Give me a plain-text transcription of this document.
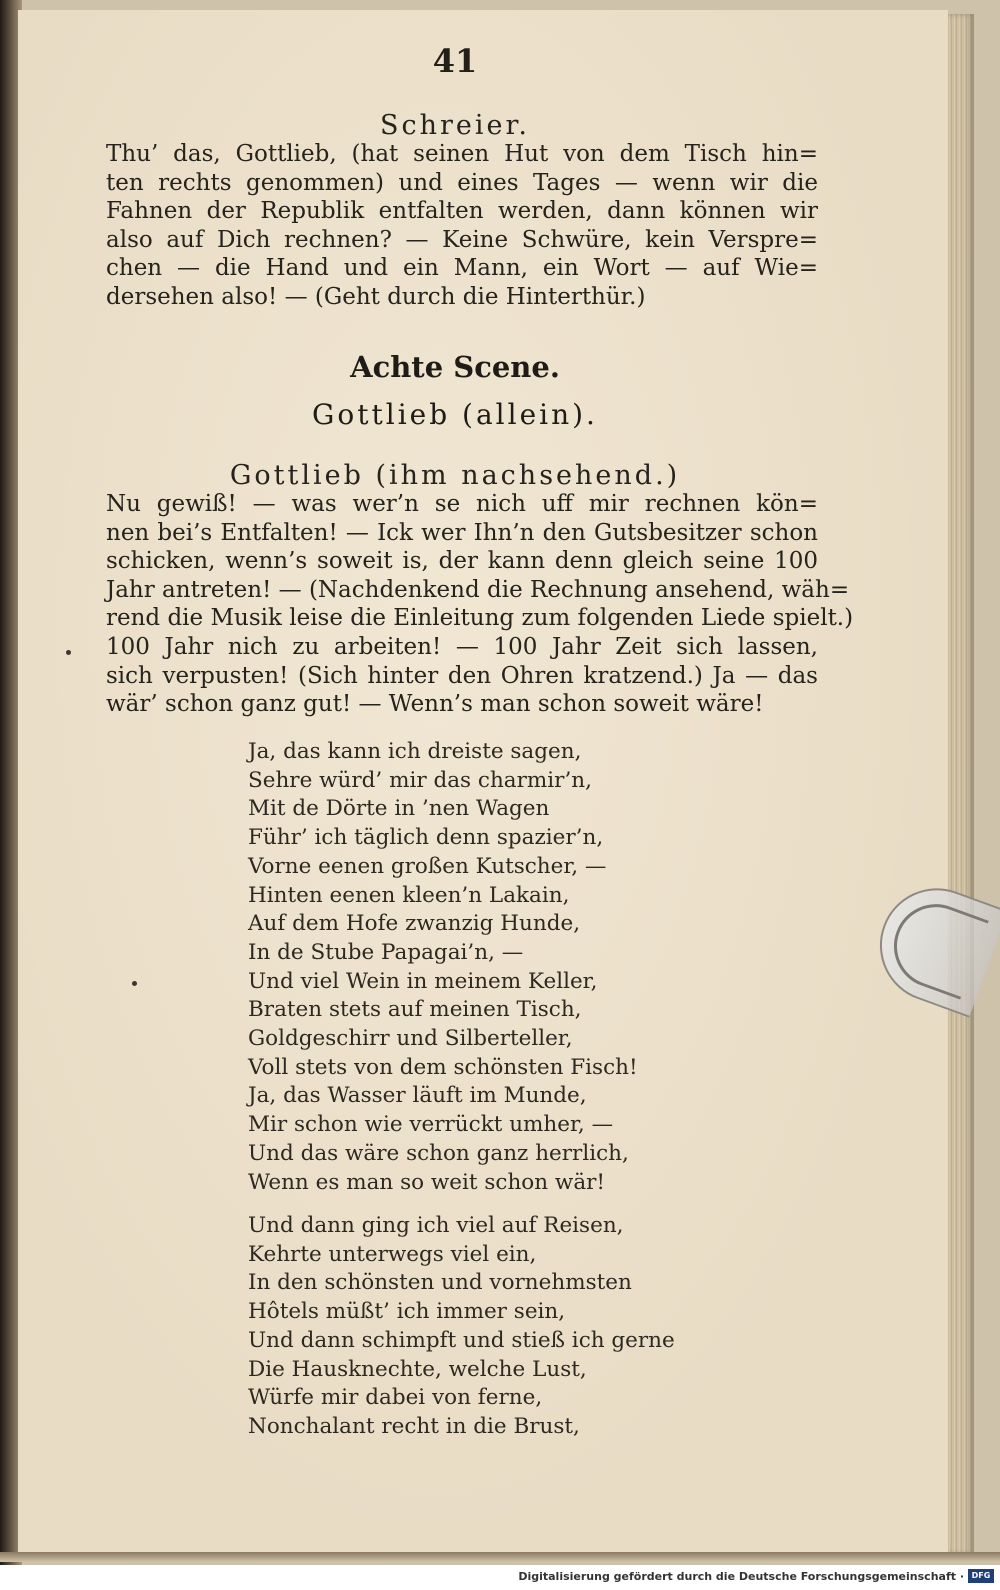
41
Schreier.
Thu’ das, Gottlieb, (hat seinen Hut von dem Tisch hin=
ten rechts genommen) und eines Tages — wenn wir die
Fahnen der Republik entfalten werden, dann können wir
also auf Dich rechnen? — Keine Schwüre, kein Verspre=
chen — die Hand und ein Mann, ein Wort — auf Wie=
dersehen also! — (Geht durch die Hinterthür.)
Achte Scene.
Gottlieb (allein).
Gottlieb (ihm nachsehend.)
Nu gewiß! — was wer’n se nich uff mir rechnen kön=
nen bei’s Entfalten! — Ick wer Ihn’n den Gutsbesitzer schon
schicken, wenn’s soweit is, der kann denn gleich seine 100
Jahr antreten! — (Nachdenkend die Rechnung ansehend, wäh=
rend die Musik leise die Einleitung zum folgenden Liede spielt.)
100 Jahr nich zu arbeiten! — 100 Jahr Zeit sich lassen,
sich verpusten! (Sich hinter den Ohren kratzend.) Ja — das
wär’ schon ganz gut! — Wenn’s man schon soweit wäre!
Ja, das kann ich dreiste sagen,
Sehre würd’ mir das charmir’n,
Mit de Dörte in ’nen Wagen
Führ’ ich täglich denn spazier’n,
Vorne eenen großen Kutscher, —
Hinten eenen kleen’n Lakain,
Auf dem Hofe zwanzig Hunde,
In de Stube Papagai’n, —
Und viel Wein in meinem Keller,
Braten stets auf meinen Tisch,
Goldgeschirr und Silberteller,
Voll stets von dem schönsten Fisch!
Ja, das Wasser läuft im Munde,
Mir schon wie verrückt umher, —
Und das wäre schon ganz herrlich,
Wenn es man so weit schon wär!
Und dann ging ich viel auf Reisen,
Kehrte unterwegs viel ein,
In den schönsten und vornehmsten
Hôtels müßt’ ich immer sein,
Und dann schimpft und stieß ich gerne
Die Hausknechte, welche Lust,
Würfe mir dabei von ferne,
Nonchalant recht in die Brust,
Digitalisierung gefördert durch die Deutsche Forschungsgemeinschaft · DFG
